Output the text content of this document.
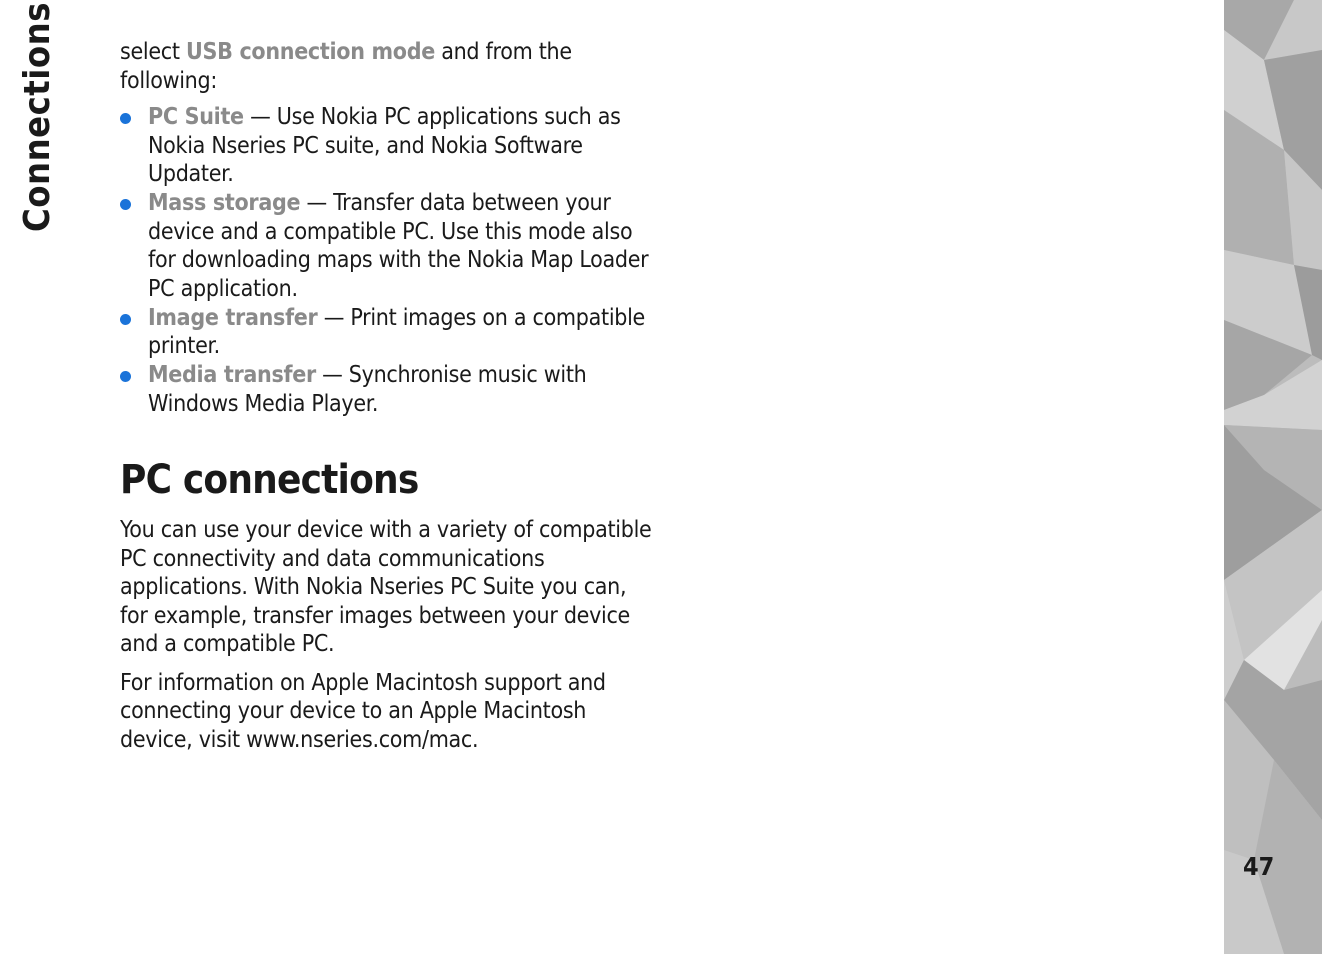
select USB connection mode and from the following:

PC Suite — Use Nokia PC applications such as Nokia Nseries PC suite, and Nokia Software Updater.
Mass storage — Transfer data between your device and a compatible PC. Use this mode also for downloading maps with the Nokia Map Loader PC application.
Image transfer — Print images on a compatible printer.
Media transfer — Synchronise music with Windows Media Player.
PC connections

You can use your device with a variety of compatible PC connectivity and data communications applications. With Nokia Nseries PC Suite you can, for example, transfer images between your device and a compatible PC.

For information on Apple Macintosh support and connecting your device to an Apple Macintosh device, visit www.nseries.com/mac.

Connections
47
